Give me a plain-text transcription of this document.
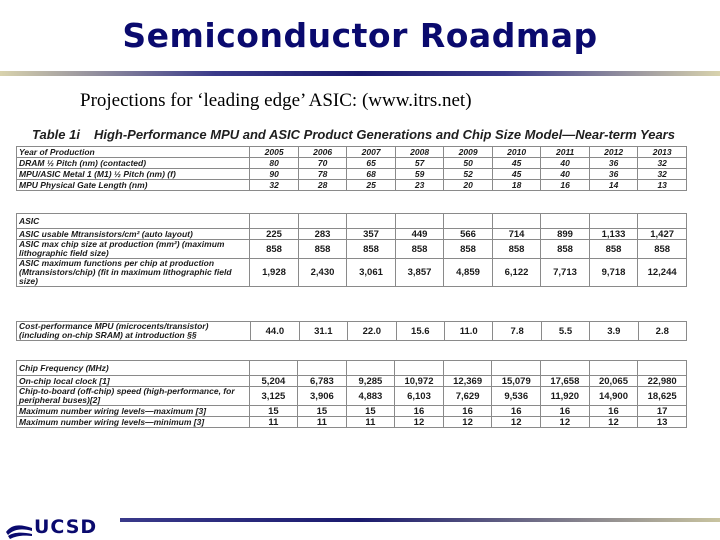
Semiconductor Roadmap
Projections for ‘leading edge’ ASIC: (www.itrs.net)
Table 1i High-Performance MPU and ASIC Product Generations and Chip Size Model—Near-term Years
Year of Production	2005	2006	2007	2008	2009	2010	2011	2012	2013
DRAM ½ Pitch (nm) (contacted)	80	70	65	57	50	45	40	36	32
MPU/ASIC Metal 1 (M1) ½ Pitch (nm) (f)	90	78	68	59	52	45	40	36	32
MPU Physical Gate Length (nm)	32	28	25	23	20	18	16	14	13
ASIC									
ASIC usable Mtransistors/cm² (auto layout)	225	283	357	449	566	714	899	1,133	1,427
ASIC max chip size at production (mm²) (maximum lithographic field size)	858	858	858	858	858	858	858	858	858
ASIC maximum functions per chip at production (Mtransistors/chip) (fit in maximum lithographic field size)	1,928	2,430	3,061	3,857	4,859	6,122	7,713	9,718	12,244
Cost-performance MPU (microcents/transistor) (including on-chip SRAM) at introduction §§	44.0	31.1	22.0	15.6	11.0	7.8	5.5	3.9	2.8
Chip Frequency (MHz)									
On-chip local clock [1]	5,204	6,783	9,285	10,972	12,369	15,079	17,658	20,065	22,980
Chip-to-board (off-chip) speed (high-performance, for peripheral buses)[2]	3,125	3,906	4,883	6,103	7,629	9,536	11,920	14,900	18,625
Maximum number wiring levels—maximum [3]	15	15	15	16	16	16	16	16	17
Maximum number wiring levels—minimum [3]	11	11	11	12	12	12	12	12	13
UCSD
